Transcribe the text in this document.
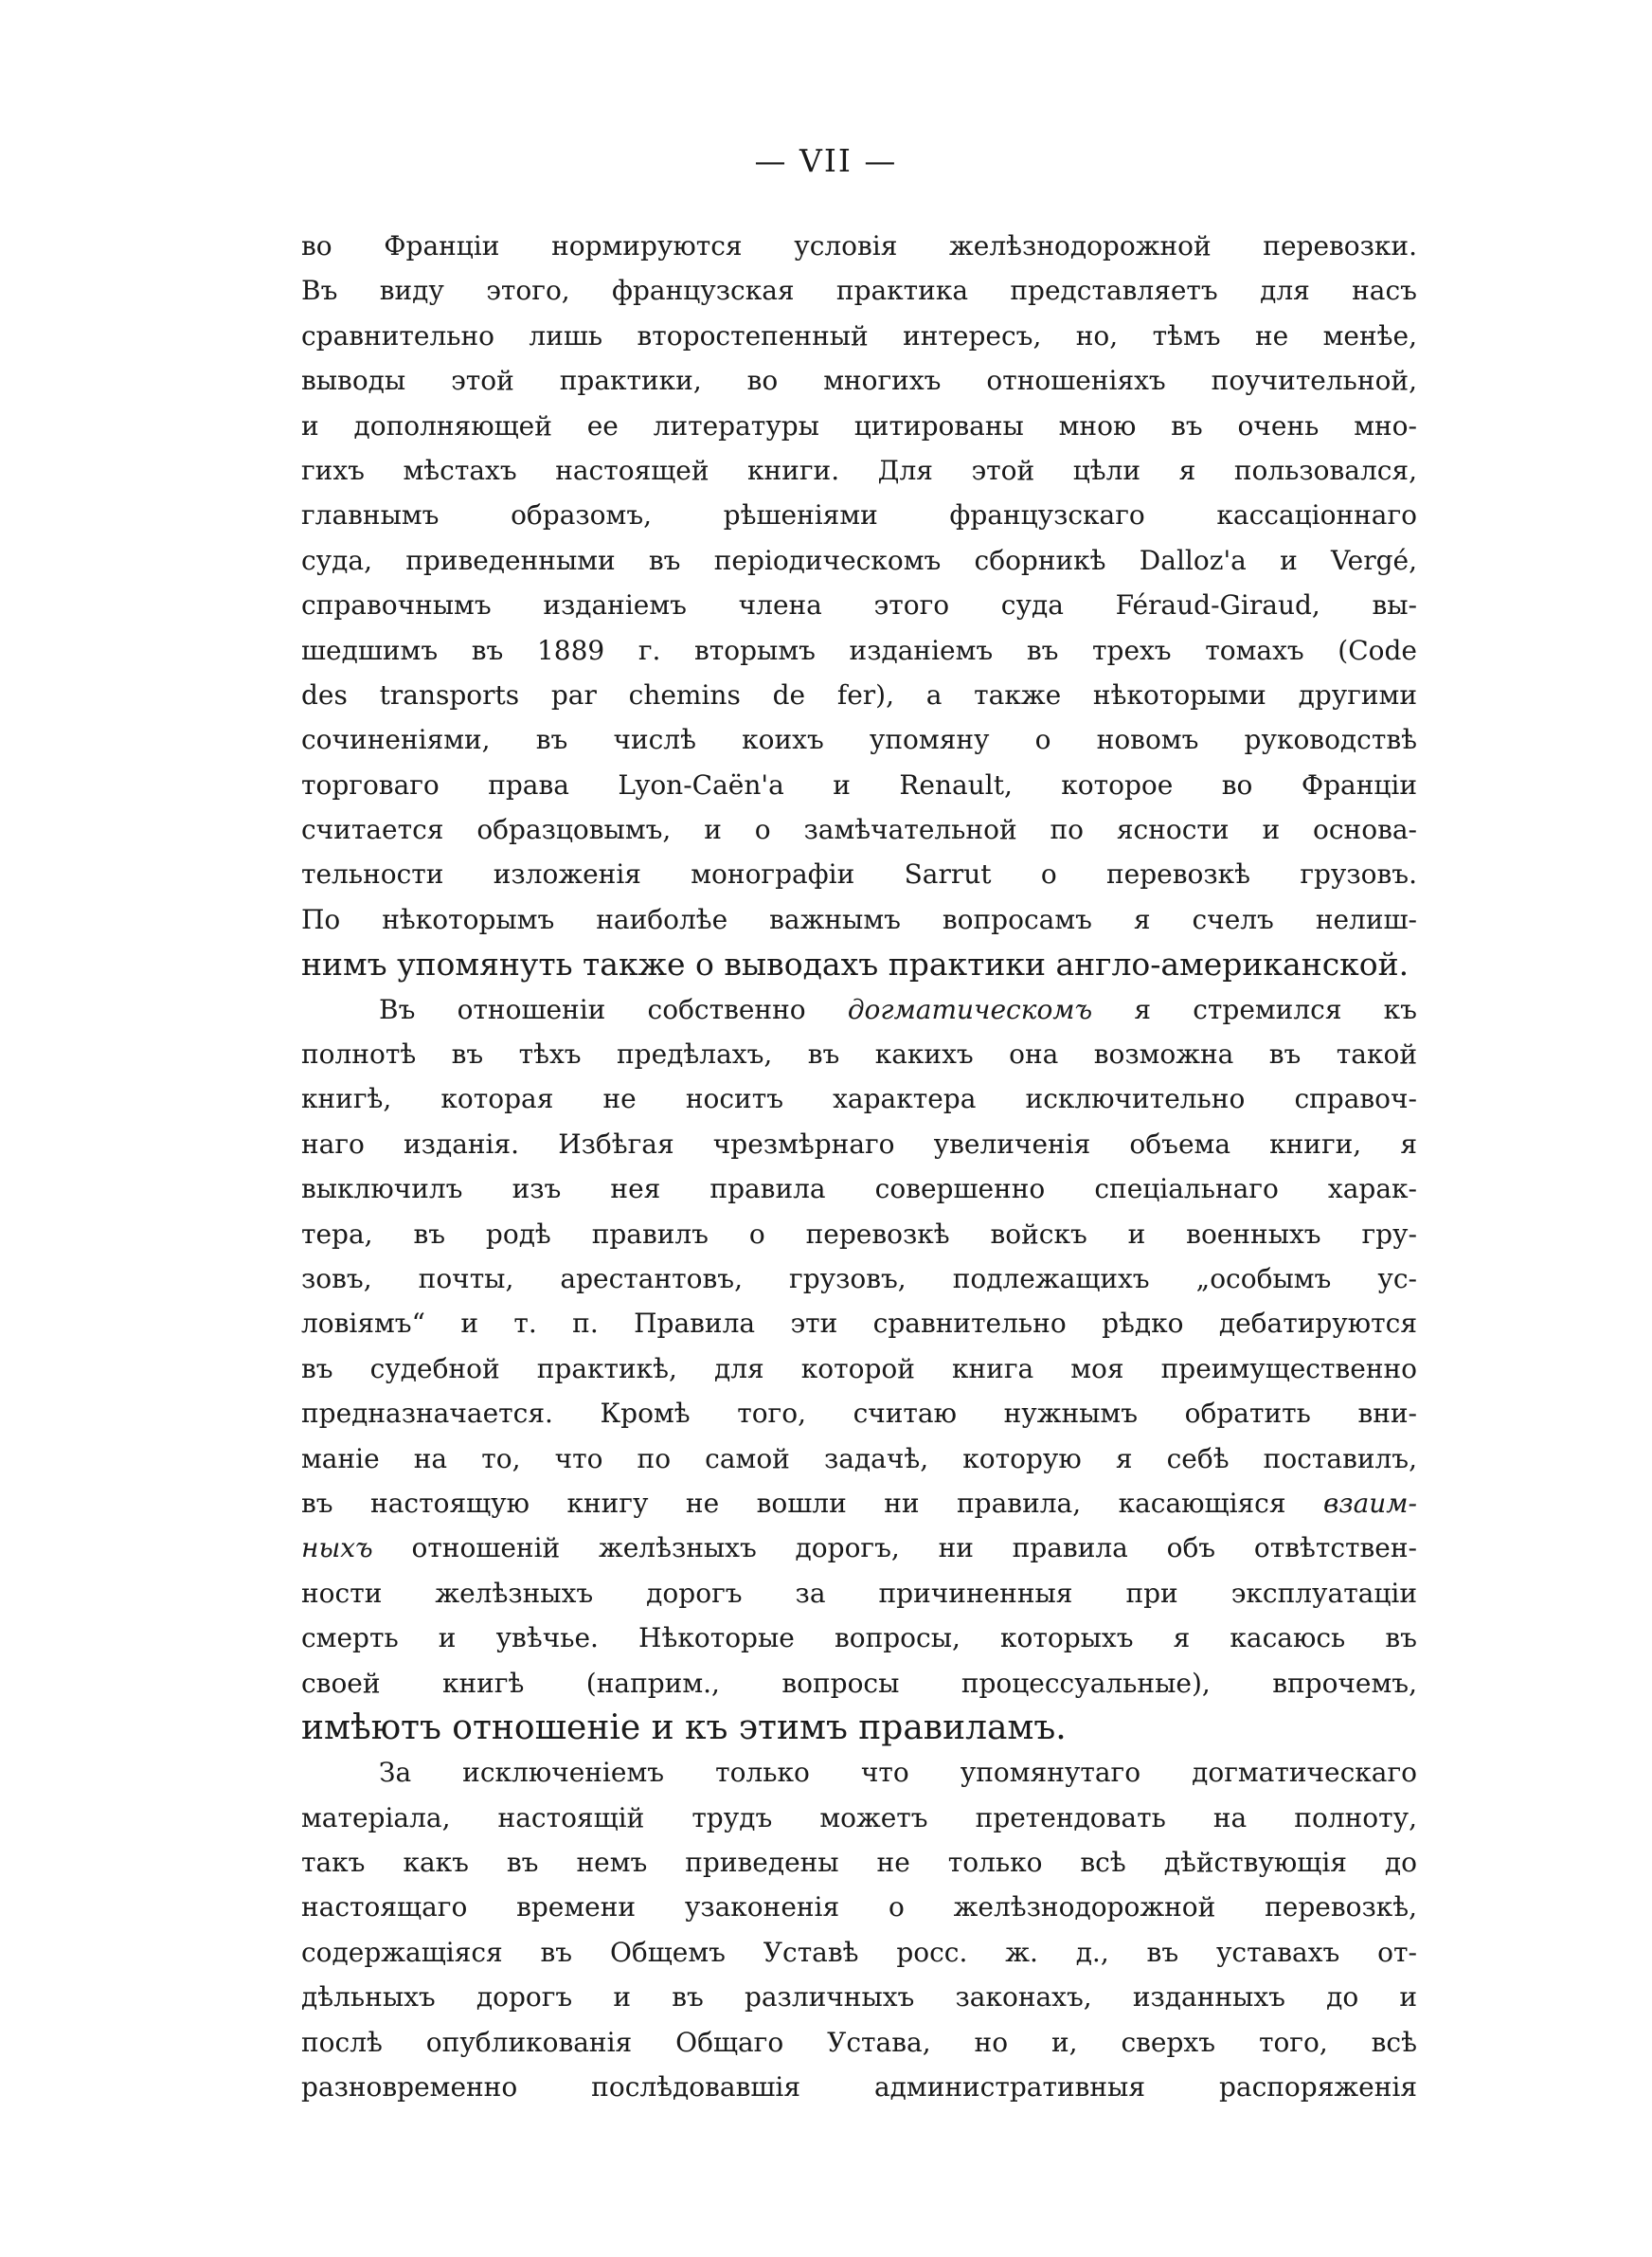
— VII —
во Франціи нормируются условія желѣзнодорожной перевозки.
Въ виду этого, французская практика представляетъ для насъ
сравнительно лишь второстепенный интересъ, но, тѣмъ не менѣе,
выводы этой практики, во многихъ отношеніяхъ поучительной,
и дополняющей ее литературы цитированы мною въ очень мно-
гихъ мѣстахъ настоящей книги. Для этой цѣли я пользовался,
главнымъ образомъ, рѣшеніями французскаго кассаціоннаго
суда, приведенными въ періодическомъ сборникѣ Dalloz'a и Vergé,
справочнымъ изданіемъ члена этого суда Féraud-Giraud, вы-
шедшимъ въ 1889 г. вторымъ изданіемъ въ трехъ томахъ (Code
des transports par chemins de fer), а также нѣкоторыми другими
сочиненіями, въ числѣ коихъ упомяну о новомъ руководствѣ
торговаго права Lyon-Caën'a и Renault, которое во Франціи
считается образцовымъ, и о замѣчательной по ясности и основа-
тельности изложенія монографіи Sarrut о перевозкѣ грузовъ.
По нѣкоторымъ наиболѣе важнымъ вопросамъ я счелъ нелиш-
нимъ упомянуть также о выводахъ практики англо-американской.
Въ отношеніи собственно догматическомъ я стремился къ
полнотѣ въ тѣхъ предѣлахъ, въ какихъ она возможна въ такой
книгѣ, которая не носитъ характера исключительно справоч-
наго изданія. Избѣгая чрезмѣрнаго увеличенія объема книги, я
выключилъ изъ нея правила совершенно спеціальнаго харак-
тера, въ родѣ правилъ о перевозкѣ войскъ и военныхъ гру-
зовъ, почты, арестантовъ, грузовъ, подлежащихъ „особымъ ус-
ловіямъ“ и т. п. Правила эти сравнительно рѣдко дебатируются
въ судебной практикѣ, для которой книга моя преимущественно
предназначается. Кромѣ того, считаю нужнымъ обратить вни-
маніе на то, что по самой задачѣ, которую я себѣ поставилъ,
въ настоящую книгу не вошли ни правила, касающіяся взаим-
ныхъ отношеній желѣзныхъ дорогъ, ни правила объ отвѣтствен-
ности желѣзныхъ дорогъ за причиненныя при эксплуатаціи
смерть и увѣчье. Нѣкоторые вопросы, которыхъ я касаюсь въ
своей книгѣ (наприм., вопросы процессуальные), впрочемъ,
имѣютъ отношеніе и къ этимъ правиламъ.
За исключеніемъ только что упомянутаго догматическаго
матеріала, настоящій трудъ можетъ претендовать на полноту,
такъ какъ въ немъ приведены не только всѣ дѣйствующія до
настоящаго времени узаконенія о желѣзнодорожной перевозкѣ,
содержащіяся въ Общемъ Уставѣ росс. ж. д., въ уставахъ от-
дѣльныхъ дорогъ и въ различныхъ законахъ, изданныхъ до и
послѣ опубликованія Общаго Устава, но и, сверхъ того, всѣ
разновременно послѣдовавшія административныя распоряженія
